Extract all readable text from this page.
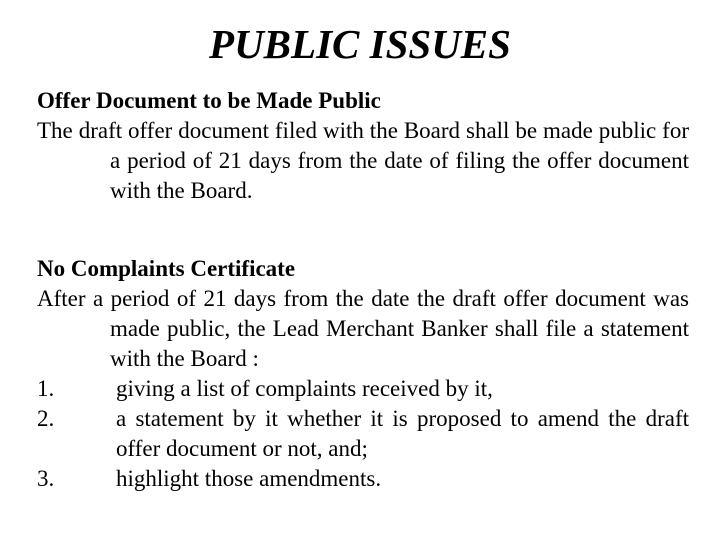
PUBLIC ISSUES

Offer Document to be Made Public

The draft offer document filed with the Board shall be made public for a period of 21 days from the date of filing the offer document with the Board.

No Complaints Certificate

After a period of 21 days from the date the draft offer document was made public, the Lead Merchant Banker shall file a statement with the Board :

1.	giving a list of complaints received by it,
2.	a statement by it whether it is proposed to amend the draft offer document or not, and;
3.	highlight those amendments.
